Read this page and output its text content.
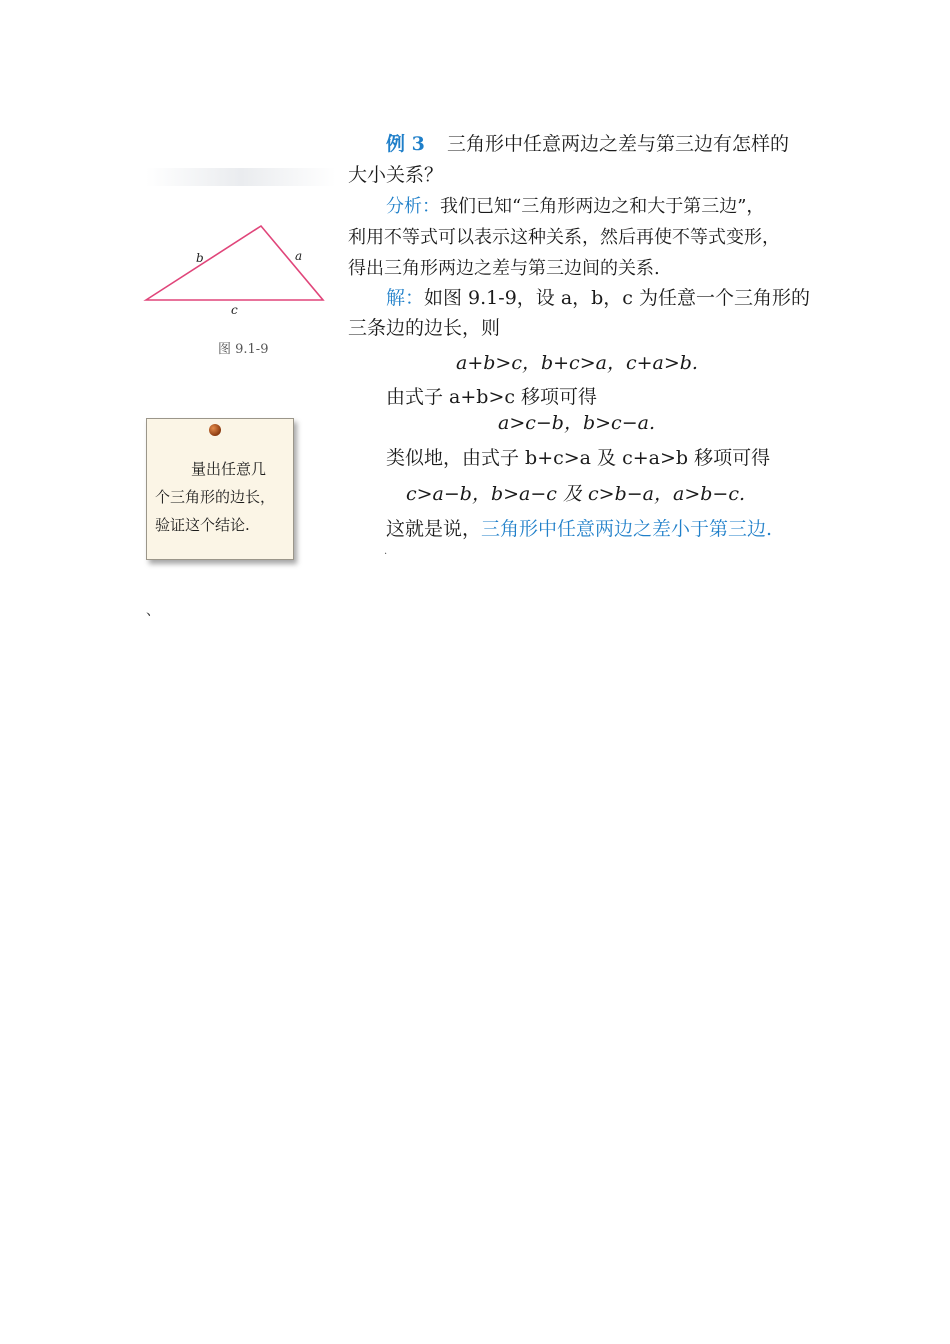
例 3 三角形中任意两边之差与第三边有怎样的
大小关系？
分析：我们已知“三角形两边之和大于第三边”，
利用不等式可以表示这种关系，然后再使不等式变形，
得出三角形两边之差与第三边间的关系.
解：如图 9.1-9，设 a，b，c 为任意一个三角形的
三条边的边长，则
a+b>c，b+c>a，c+a>b.
由式子 a+b>c 移项可得
a>c−b，b>c−a.
类似地，由式子 b+c>a 及 c+a>b 移项可得
c>a−b，b>a−c 及 c>b−a，a>b−c.
这就是说，三角形中任意两边之差小于第三边.
b	a
c
图 9.1-9
量出任意几
个三角形的边长，
验证这个结论.
.
、
